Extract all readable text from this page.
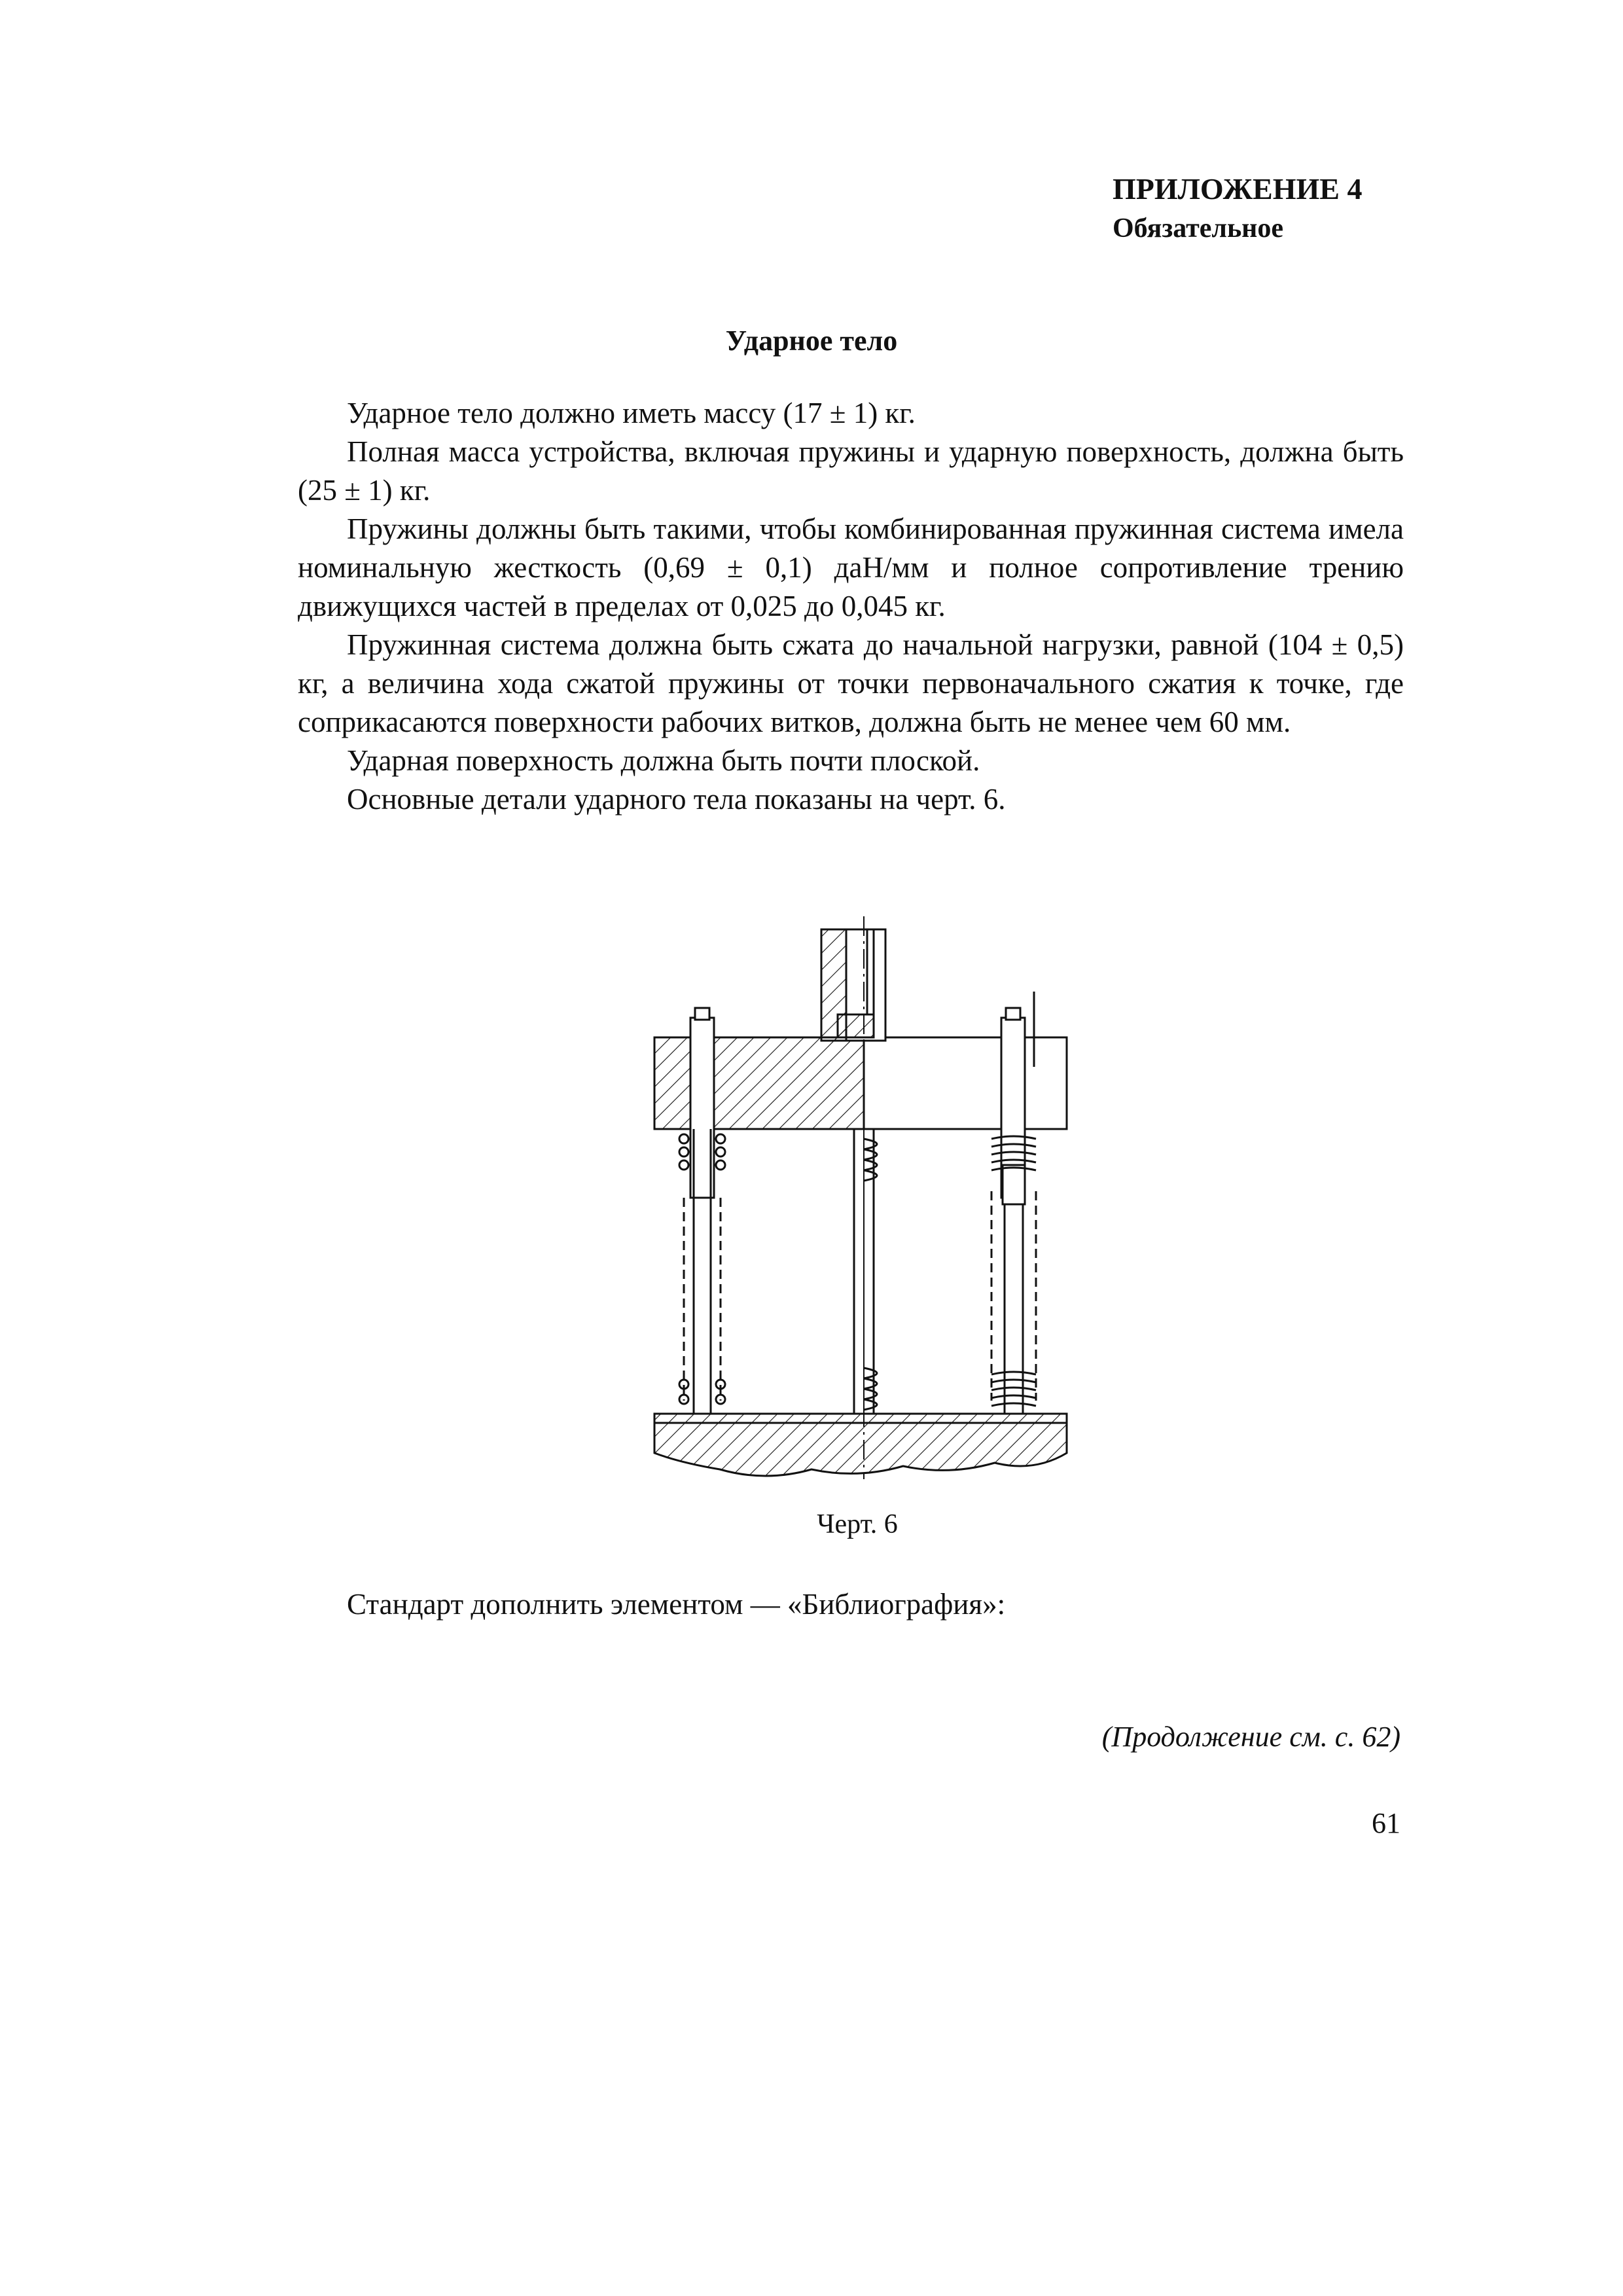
ПРИЛОЖЕНИЕ 4
Обязательное
Ударное тело

Ударное тело должно иметь массу (17 ± 1) кг.

Полная масса устройства, включая пружины и ударную поверхность, должна быть (25 ± 1) кг.

Пружины должны быть такими, чтобы комбинированная пружинная система имела номинальную жесткость (0,69 ± 0,1) даН/мм и полное сопротивление трению движущихся частей в пределах от 0,025 до 0,045 кг.

Пружинная система должна быть сжата до начальной нагрузки, равной (104 ± 0,5) кг, а величина хода сжатой пружины от точки первоначального сжатия к точке, где соприкасаются поверхности рабочих витков, должна быть не менее чем 60 мм.

Ударная поверхность должна быть почти плоской.

Основные детали ударного тела показаны на черт. 6.

Черт. 6
Стандарт дополнить элементом — «Библиография»:
(Продолжение см. с. 62)
61
